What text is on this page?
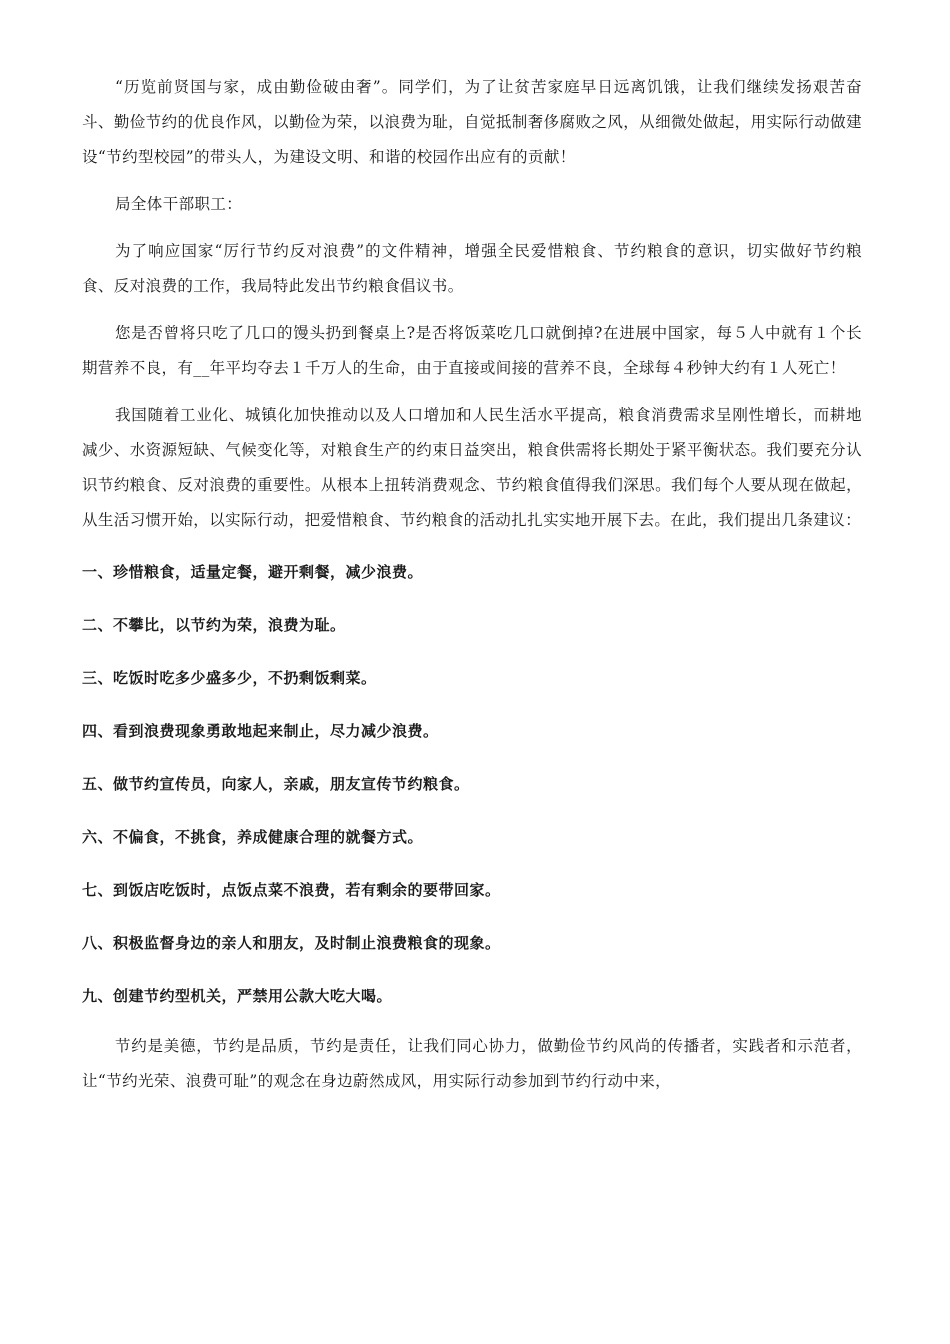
“历览前贤国与家，成由勤俭破由奢”。同学们，为了让贫苦家庭早日远离饥饿，让我们继续发扬艰苦奋斗、勤俭节约的优良作风，以勤俭为荣，以浪费为耻，自觉抵制奢侈腐败之风，从细微处做起，用实际行动做建设“节约型校园”的带头人，为建设文明、和谐的校园作出应有的贡献！

局全体干部职工：

为了响应国家“厉行节约反对浪费”的文件精神，增强全民爱惜粮食、节约粮食的意识，切实做好节约粮食、反对浪费的工作，我局特此发出节约粮食倡议书。

您是否曾将只吃了几口的馒头扔到餐桌上?是否将饭菜吃几口就倒掉?在进展中国家，每５人中就有１个长期营养不良，有__年平均夺去１千万人的生命，由于直接或间接的营养不良，全球每４秒钟大约有１人死亡！

我国随着工业化、城镇化加快推动以及人口增加和人民生活水平提高，粮食消费需求呈刚性增长，而耕地减少、水资源短缺、气候变化等，对粮食生产的约束日益突出，粮食供需将长期处于紧平衡状态。我们要充分认识节约粮食、反对浪费的重要性。从根本上扭转消费观念、节约粮食值得我们深思。我们每个人要从现在做起，从生活习惯开始，以实际行动，把爱惜粮食、节约粮食的活动扎扎实实地开展下去。在此，我们提出几条建议：

一、珍惜粮食，适量定餐，避开剩餐，减少浪费。

二、不攀比，以节约为荣，浪费为耻。

三、吃饭时吃多少盛多少，不扔剩饭剩菜。

四、看到浪费现象勇敢地起来制止，尽力减少浪费。

五、做节约宣传员，向家人，亲戚，朋友宣传节约粮食。

六、不偏食，不挑食，养成健康合理的就餐方式。

七、到饭店吃饭时，点饭点菜不浪费，若有剩余的要带回家。

八、积极监督身边的亲人和朋友，及时制止浪费粮食的现象。

九、创建节约型机关，严禁用公款大吃大喝。

节约是美德，节约是品质，节约是责任，让我们同心协力，做勤俭节约风尚的传播者，实践者和示范者，让“节约光荣、浪费可耻”的观念在身边蔚然成风，用实际行动参加到节约行动中来，
